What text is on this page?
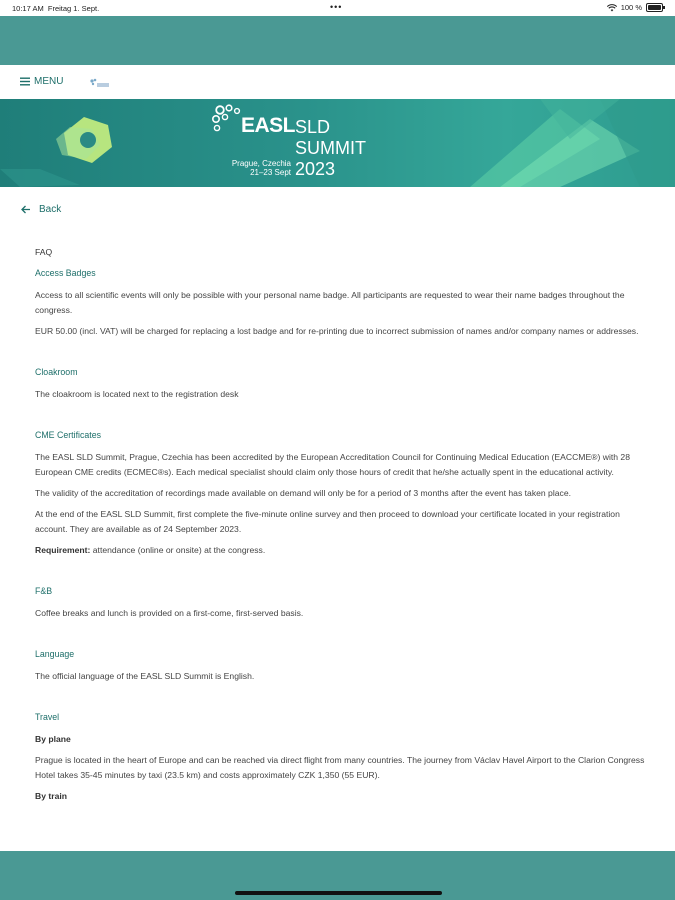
10:17 AM Freitag 1. Sept.	•••	100 %
MENU
EASL SLD
SUMMIT
2023
Prague, Czechia
21–23 Sept
Back
FAQ
Access Badges

Access to all scientific events will only be possible with your personal name badge. All participants are requested to wear their name badges throughout the congress.

EUR 50.00 (incl. VAT) will be charged for replacing a lost badge and for re-printing due to incorrect submission of names and/or company names or addresses.

Cloakroom

The cloakroom is located next to the registration desk

CME Certificates

The EASL SLD Summit, Prague, Czechia has been accredited by the European Accreditation Council for Continuing Medical Education (EACCME®) with 28 European CME credits (ECMEC®s). Each medical specialist should claim only those hours of credit that he/she actually spent in the educational activity.

The validity of the accreditation of recordings made available on demand will only be for a period of 3 months after the event has taken place.

At the end of the EASL SLD Summit, first complete the five-minute online survey and then proceed to download your certificate located in your registration account. They are available as of 24 September 2023.

Requirement: attendance (online or onsite) at the congress.

F&B

Coffee breaks and lunch is provided on a first-come, first-served basis.

Language

The official language of the EASL SLD Summit is English.

Travel

By plane

Prague is located in the heart of Europe and can be reached via direct flight from many countries. The journey from Václav Havel Airport to the Clarion Congress Hotel takes 35-45 minutes by taxi (23.5 km) and costs approximately CZK 1,350 (55 EUR).

By train
